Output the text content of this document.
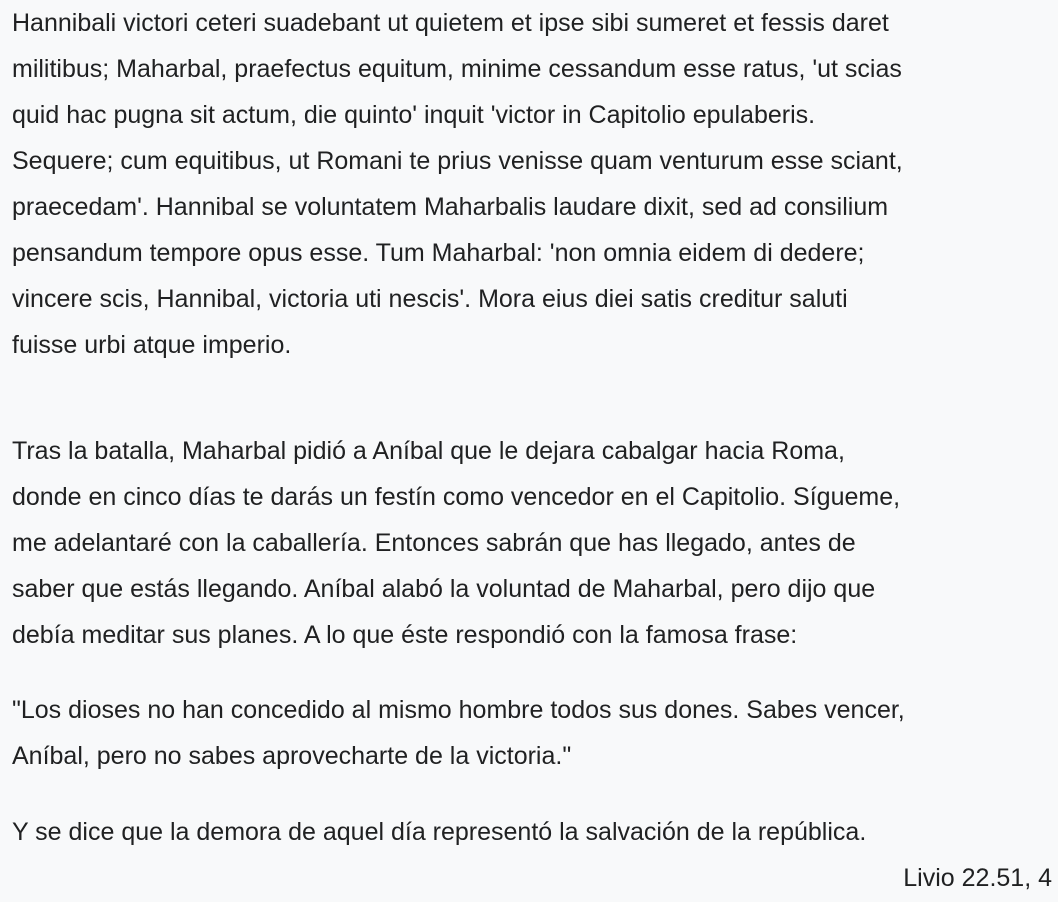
Hannibali victori ceteri suadebant ut quietem et ipse sibi sumeret et fessis daret
militibus; Maharbal, praefectus equitum, minime cessandum esse ratus, 'ut scias
quid hac pugna sit actum, die quinto' inquit 'victor in Capitolio epulaberis.
Sequere; cum equitibus, ut Romani te prius venisse quam venturum esse sciant,
praecedam'. Hannibal se voluntatem Maharbalis laudare dixit, sed ad consilium
pensandum tempore opus esse. Tum Maharbal: 'non omnia eidem di dedere;
vincere scis, Hannibal, victoria uti nescis'. Mora eius diei satis creditur saluti
fuisse urbi atque imperio.

Tras la batalla, Maharbal pidió a Aníbal que le dejara cabalgar hacia Roma,
donde en cinco días te darás un festín como vencedor en el Capitolio. Sígueme,
me adelantaré con la caballería. Entonces sabrán que has llegado, antes de
saber que estás llegando. Aníbal alabó la voluntad de Maharbal, pero dijo que
debía meditar sus planes. A lo que éste respondió con la famosa frase:

"Los dioses no han concedido al mismo hombre todos sus dones. Sabes vencer,
Aníbal, pero no sabes aprovecharte de la victoria."

Y se dice que la demora de aquel día representó la salvación de la república.

Livio 22.51, 4
